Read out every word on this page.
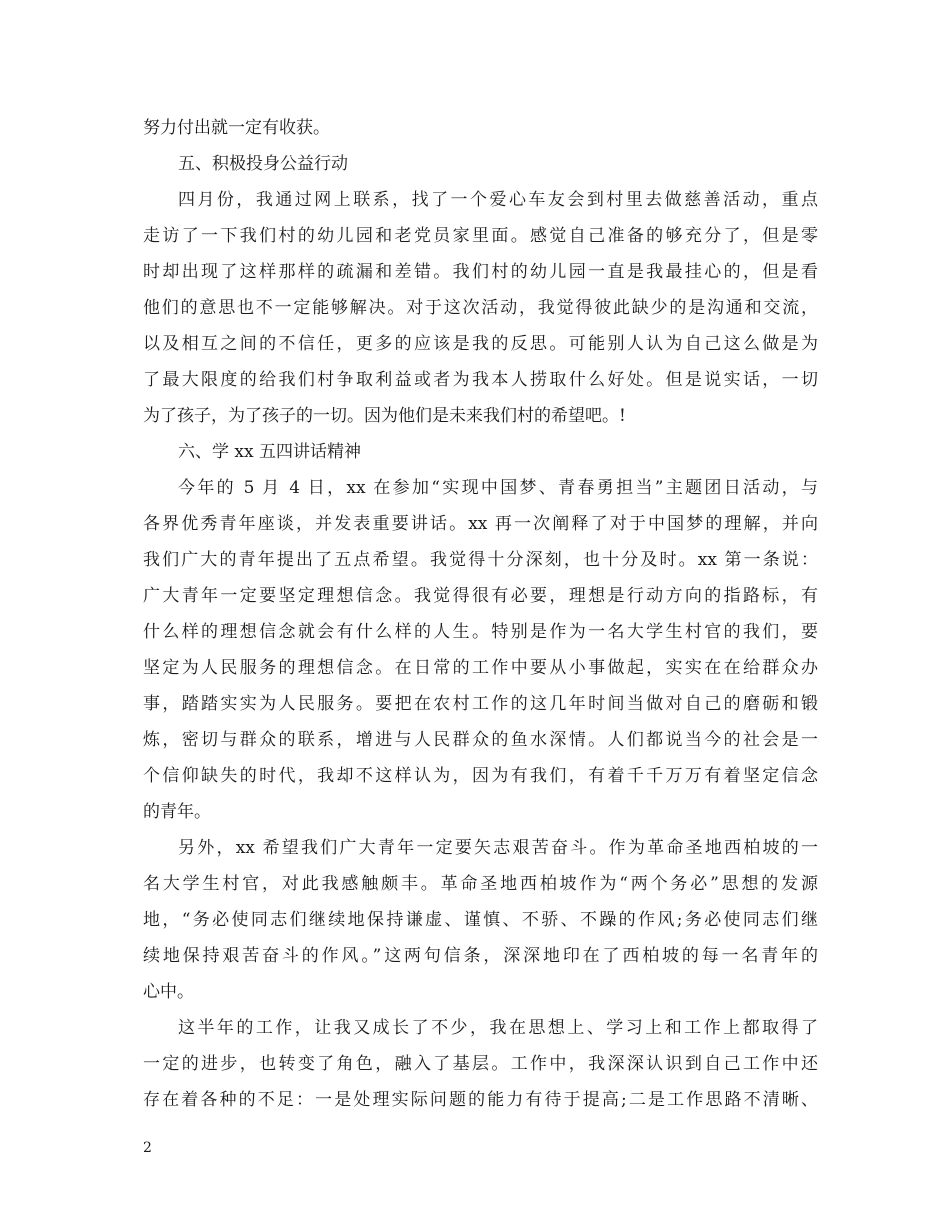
努力付出就一定有收获。
五、积极投身公益行动
四月份，我通过网上联系，找了一个爱心车友会到村里去做慈善活动，重点
走访了一下我们村的幼儿园和老党员家里面。感觉自己准备的够充分了，但是零
时却出现了这样那样的疏漏和差错。我们村的幼儿园一直是我最挂心的，但是看
他们的意思也不一定能够解决。对于这次活动，我觉得彼此缺少的是沟通和交流，
以及相互之间的不信任，更多的应该是我的反思。可能别人认为自己这么做是为
了最大限度的给我们村争取利益或者为我本人捞取什么好处。但是说实话，一切
为了孩子，为了孩子的一切。因为他们是未来我们村的希望吧。!
六、学 xx 五四讲话精神
今年的 5 月 4 日，xx 在参加“实现中国梦、青春勇担当”主题团日活动，与
各界优秀青年座谈，并发表重要讲话。xx 再一次阐释了对于中国梦的理解，并向
我们广大的青年提出了五点希望。我觉得十分深刻，也十分及时。xx 第一条说：
广大青年一定要坚定理想信念。我觉得很有必要，理想是行动方向的指路标，有
什么样的理想信念就会有什么样的人生。特别是作为一名大学生村官的我们，要
坚定为人民服务的理想信念。在日常的工作中要从小事做起，实实在在给群众办
事，踏踏实实为人民服务。要把在农村工作的这几年时间当做对自己的磨砺和锻
炼，密切与群众的联系，增进与人民群众的鱼水深情。人们都说当今的社会是一
个信仰缺失的时代，我却不这样认为，因为有我们，有着千千万万有着坚定信念
的青年。
另外，xx 希望我们广大青年一定要矢志艰苦奋斗。作为革命圣地西柏坡的一
名大学生村官，对此我感触颇丰。革命圣地西柏坡作为“两个务必”思想的发源
地，“务必使同志们继续地保持谦虚、谨慎、不骄、不躁的作风;务必使同志们继
续地保持艰苦奋斗的作风。”这两句信条，深深地印在了西柏坡的每一名青年的
心中。
这半年的工作，让我又成长了不少，我在思想上、学习上和工作上都取得了
一定的进步，也转变了角色，融入了基层。工作中，我深深认识到自己工作中还
存在着各种的不足：一是处理实际问题的能力有待于提高;二是工作思路不清晰、
2
